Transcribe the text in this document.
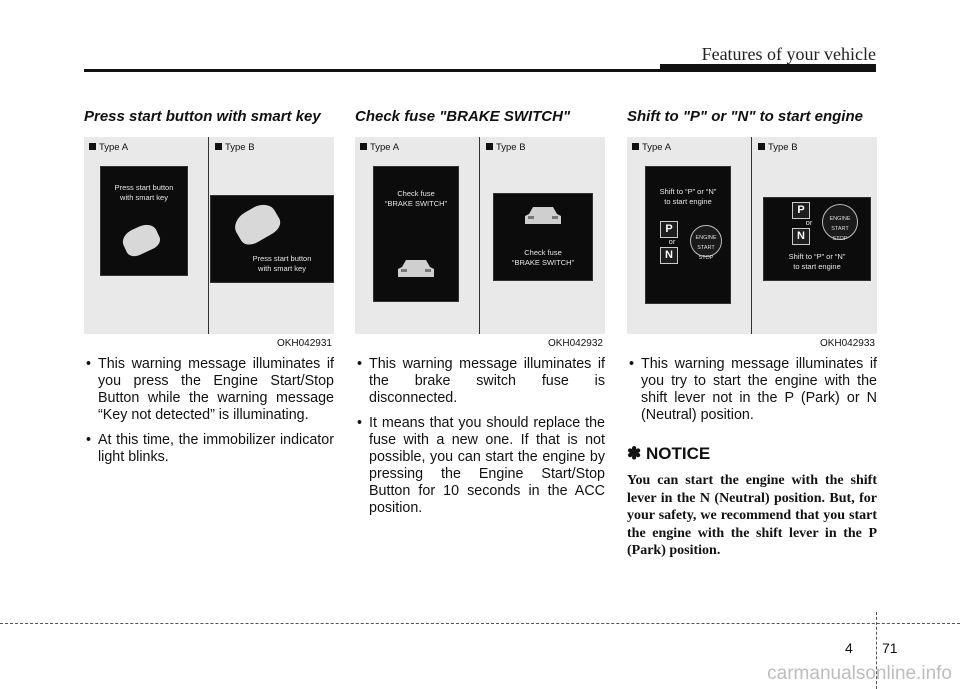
Features of your vehicle
Press start button with smart key
Type A
Press start button
with smart key
Type B
Press start button
with smart key
OKH042931
• This warning message illuminates if you press the Engine Start/Stop Button while the warning message “Key not detected” is illuminating.
• At this time, the immobilizer indicator light blinks.
Check fuse "BRAKE SWITCH"
Type A
Check fuse
“BRAKE SWITCH”
Type B
Check fuse
“BRAKE SWITCH”
OKH042932
• This warning message illuminates if the brake switch fuse is disconnected.
• It means that you should replace the fuse with a new one. If that is not possible, you can start the engine by pressing the Engine Start/Stop Button for 10 seconds in the ACC position.
Shift to "P" or "N" to start engine
Type A
Shift to “P” or “N”
to start engine
P
or
N
ENGINE
START
STOP
Type B
P
or
N
ENGINE
START
STOP
Shift to “P” or “N”
to start engine
OKH042933
• This warning message illuminates if you try to start the engine with the shift lever not in the P (Park) or N (Neutral) position.
✽ NOTICE

You can start the engine with the shift lever in the N (Neutral) position. But, for your safety, we recommend that you start the engine with the shift lever in the P (Park) position.

4 71
carmanualsonline.info
